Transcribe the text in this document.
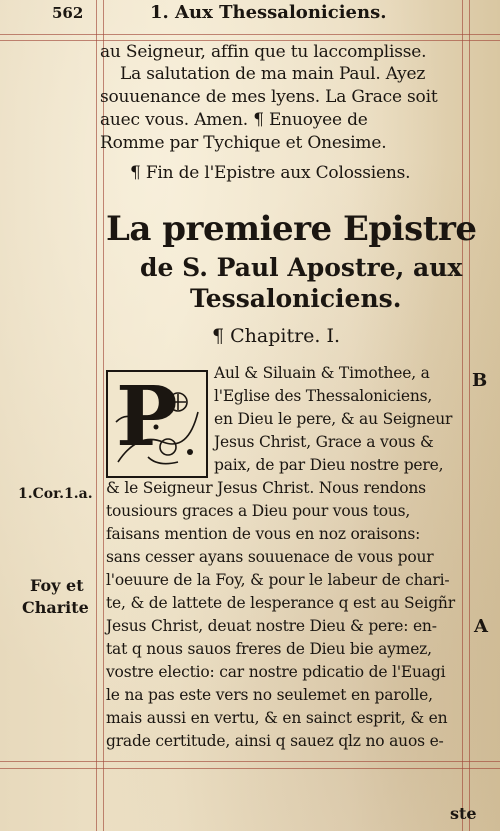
562	1. Aux Thessaloniciens.
au Seigneur, affin que tu laccomplisse.
La salutation de ma main Paul. Ayez
souuenance de mes lyens. La Grace soit
auec vous. Amen. ¶ Enuoyee de
Romme par Tychique et Onesime.
¶ Fin de l'Epistre aux Colossiens.
La premiere Epistre
de S. Paul Apostre, aux
Tessaloniciens.
¶ Chapitre. I.
P Aul & Siluain & Timothee, a
l'Eglise des Thessaloniciens,
en Dieu le pere, & au Seigneur
Jesus Christ, Grace a vous &
paix, de par Dieu nostre pere,
& le Seigneur Jesus Christ. Nous rendons
tousiours graces a Dieu pour vous tous,
faisans mention de vous en noz oraisons:
sans cesser ayans souuenace de vous pour
l'oeuure de la Foy, & pour le labeur de chari-
te, & de lattete de lesperance q est au Seigñr
Jesus Christ, deuat nostre Dieu & pere: en-
tat q nous sauos freres de Dieu bie aymez,
vostre electio: car nostre pdicatio de l'Euagi
le na pas este vers no seulemet en parolle,
mais aussi en vertu, & en sainct esprit, & en
grade certitude, ainsi q sauez qlz no auos e-
1.Cor.1.a.
Foy et
Charite
B
A
ste
